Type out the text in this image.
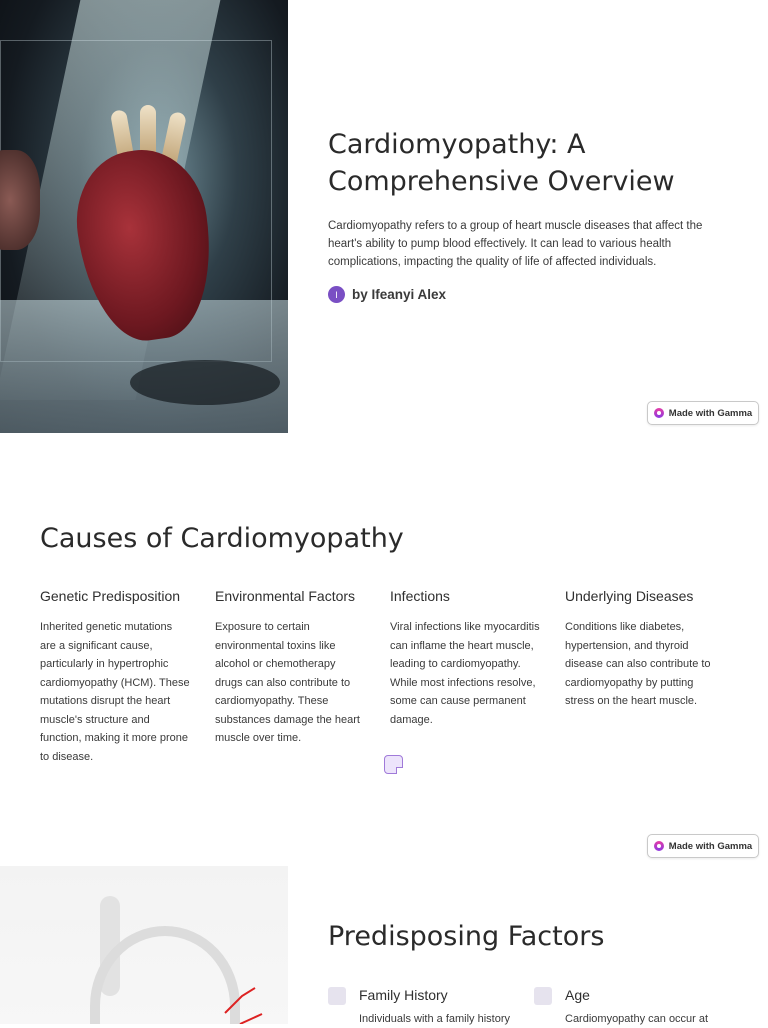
Cardiomyopathy: A Comprehensive Overview

Cardiomyopathy refers to a group of heart muscle diseases that affect the heart's ability to pump blood effectively. It can lead to various health complications, impacting the quality of life of affected individuals.

I	by Ifeanyi Alex
Made with Gamma
Causes of Cardiomyopathy
Genetic Predisposition

Inherited genetic mutations are a significant cause, particularly in hypertrophic cardiomyopathy (HCM). These mutations disrupt the heart muscle's structure and function, making it more prone to disease.

Environmental Factors

Exposure to certain environmental toxins like alcohol or chemotherapy drugs can also contribute to cardiomyopathy. These substances damage the heart muscle over time.

Infections

Viral infections like myocarditis can inflame the heart muscle, leading to cardiomyopathy. While most infections resolve, some can cause permanent damage.

Underlying Diseases

Conditions like diabetes, hypertension, and thyroid disease can also contribute to cardiomyopathy by putting stress on the heart muscle.

Made with Gamma
Predisposing Factors
Family History

Individuals with a family history

Age

Cardiomyopathy can occur at
